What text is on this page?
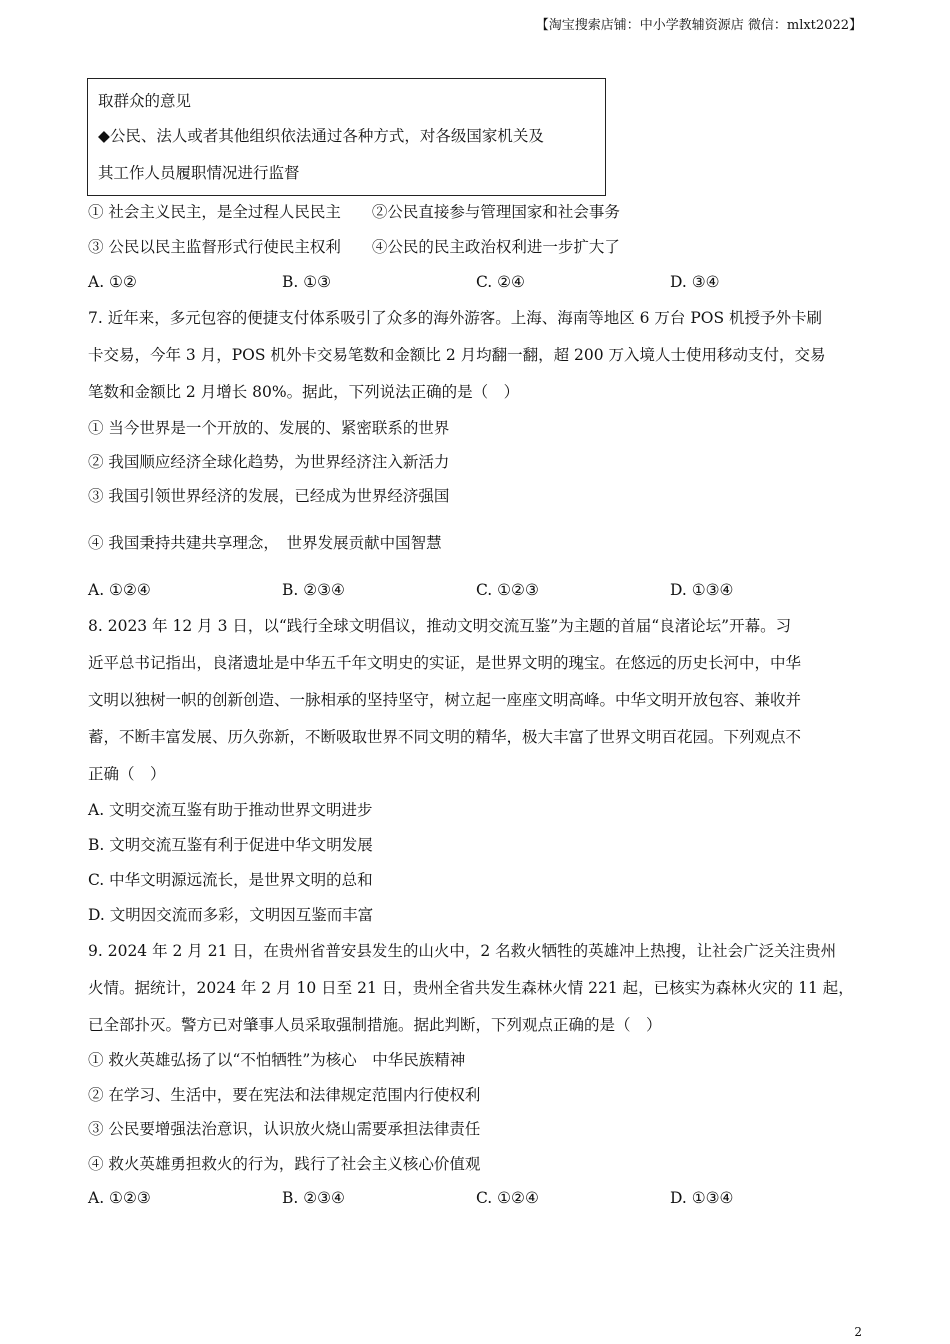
【淘宝搜索店铺：中小学教辅资源店 微信：mlxt2022】
取群众的意见
◆公民、法人或者其他组织依法通过各种方式，对各级国家机关及
其工作人员履职情况进行监督
① 社会主义民主，是全过程人民民主　　②公民直接参与管理国家和社会事务
③ 公民以民主监督形式行使民主权利　　④公民的民主政治权利进一步扩大了
A. ①②	B. ①③	C. ②④	D. ③④
7. 近年来，多元包容的便捷支付体系吸引了众多的海外游客。上海、海南等地区 6 万台 POS 机授予外卡刷
卡交易，今年 3 月，POS 机外卡交易笔数和金额比 2 月均翻一翻，超 200 万入境人士使用移动支付，交易
笔数和金额比 2 月增长 80%。据此，下列说法正确的是（　）
① 当今世界是一个开放的、发展的、紧密联系的世界
② 我国顺应经济全球化趋势，为世界经济注入新活力
③ 我国引领世界经济的发展，已经成为世界经济强国
④ 我国秉持共建共享理念，　世界发展贡献中国智慧
A. ①②④	B. ②③④	C. ①②③	D. ①③④
8. 2023 年 12 月 3 日，以“践行全球文明倡议，推动文明交流互鉴”为主题的首届“良渚论坛”开幕。习
近平总书记指出，良渚遗址是中华五千年文明史的实证，是世界文明的瑰宝。在悠远的历史长河中，中华
文明以独树一帜的创新创造、一脉相承的坚持坚守，树立起一座座文明高峰。中华文明开放包容、兼收并
蓄，不断丰富发展、历久弥新，不断吸取世界不同文明的精华，极大丰富了世界文明百花园。下列观点不
正确（　）
A. 文明交流互鉴有助于推动世界文明进步
B. 文明交流互鉴有利于促进中华文明发展
C. 中华文明源远流长，是世界文明的总和
D. 文明因交流而多彩，文明因互鉴而丰富
9. 2024 年 2 月 21 日，在贵州省普安县发生的山火中，2 名救火牺牲的英雄冲上热搜，让社会广泛关注贵州
火情。据统计，2024 年 2 月 10 日至 21 日，贵州全省共发生森林火情 221 起，已核实为森林火灾的 11 起，
已全部扑灭。警方已对肇事人员采取强制措施。据此判断，下列观点正确的是（　）
① 救火英雄弘扬了以“不怕牺牲”为核心　中华民族精神
② 在学习、生活中，要在宪法和法律规定范围内行使权利
③ 公民要增强法治意识，认识放火烧山需要承担法律责任
④ 救火英雄勇担救火的行为，践行了社会主义核心价值观
A. ①②③	B. ②③④	C. ①②④	D. ①③④
2
